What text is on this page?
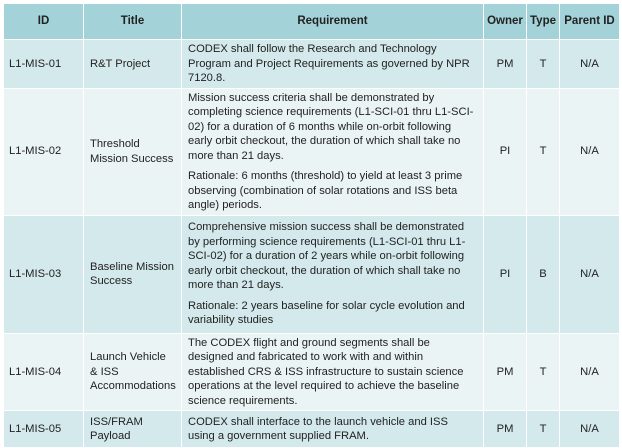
ID	Title	Requirement	Owner	Type	Parent ID
L1-MIS-01	R&T Project	CODEX shall follow the Research and Technology Program and Project Requirements as governed by NPR 7120.8.	PM	T	N/A
L1-MIS-02	Threshold Mission Success	Mission success criteria shall be demonstrated by completing science requirements (L1-SCI-01 thru L1-SCI-02) for a duration of 6 months while on-orbit following early orbit checkout, the duration of which shall take no more than 21 days.

Rationale: 6 months (threshold) to yield at least 3 prime observing (combination of solar rotations and ISS beta angle) periods.	PI	T	N/A
L1-MIS-03	Baseline Mission Success	Comprehensive mission success shall be demonstrated by performing science requirements (L1-SCI-01 thru L1-SCI-02) for a duration of 2 years while on-orbit following early orbit checkout, the duration of which shall take no more than 21 days.

Rationale: 2 years baseline for solar cycle evolution and variability studies	PI	B	N/A
L1-MIS-04	Launch Vehicle & ISS Accommodations	The CODEX flight and ground segments shall be designed and fabricated to work with and within established CRS & ISS infrastructure to sustain science operations at the level required to achieve the baseline science requirements.	PM	T	N/A
L1-MIS-05	ISS/FRAM Payload	CODEX shall interface to the launch vehicle and ISS using a government supplied FRAM.	PM	T	N/A
